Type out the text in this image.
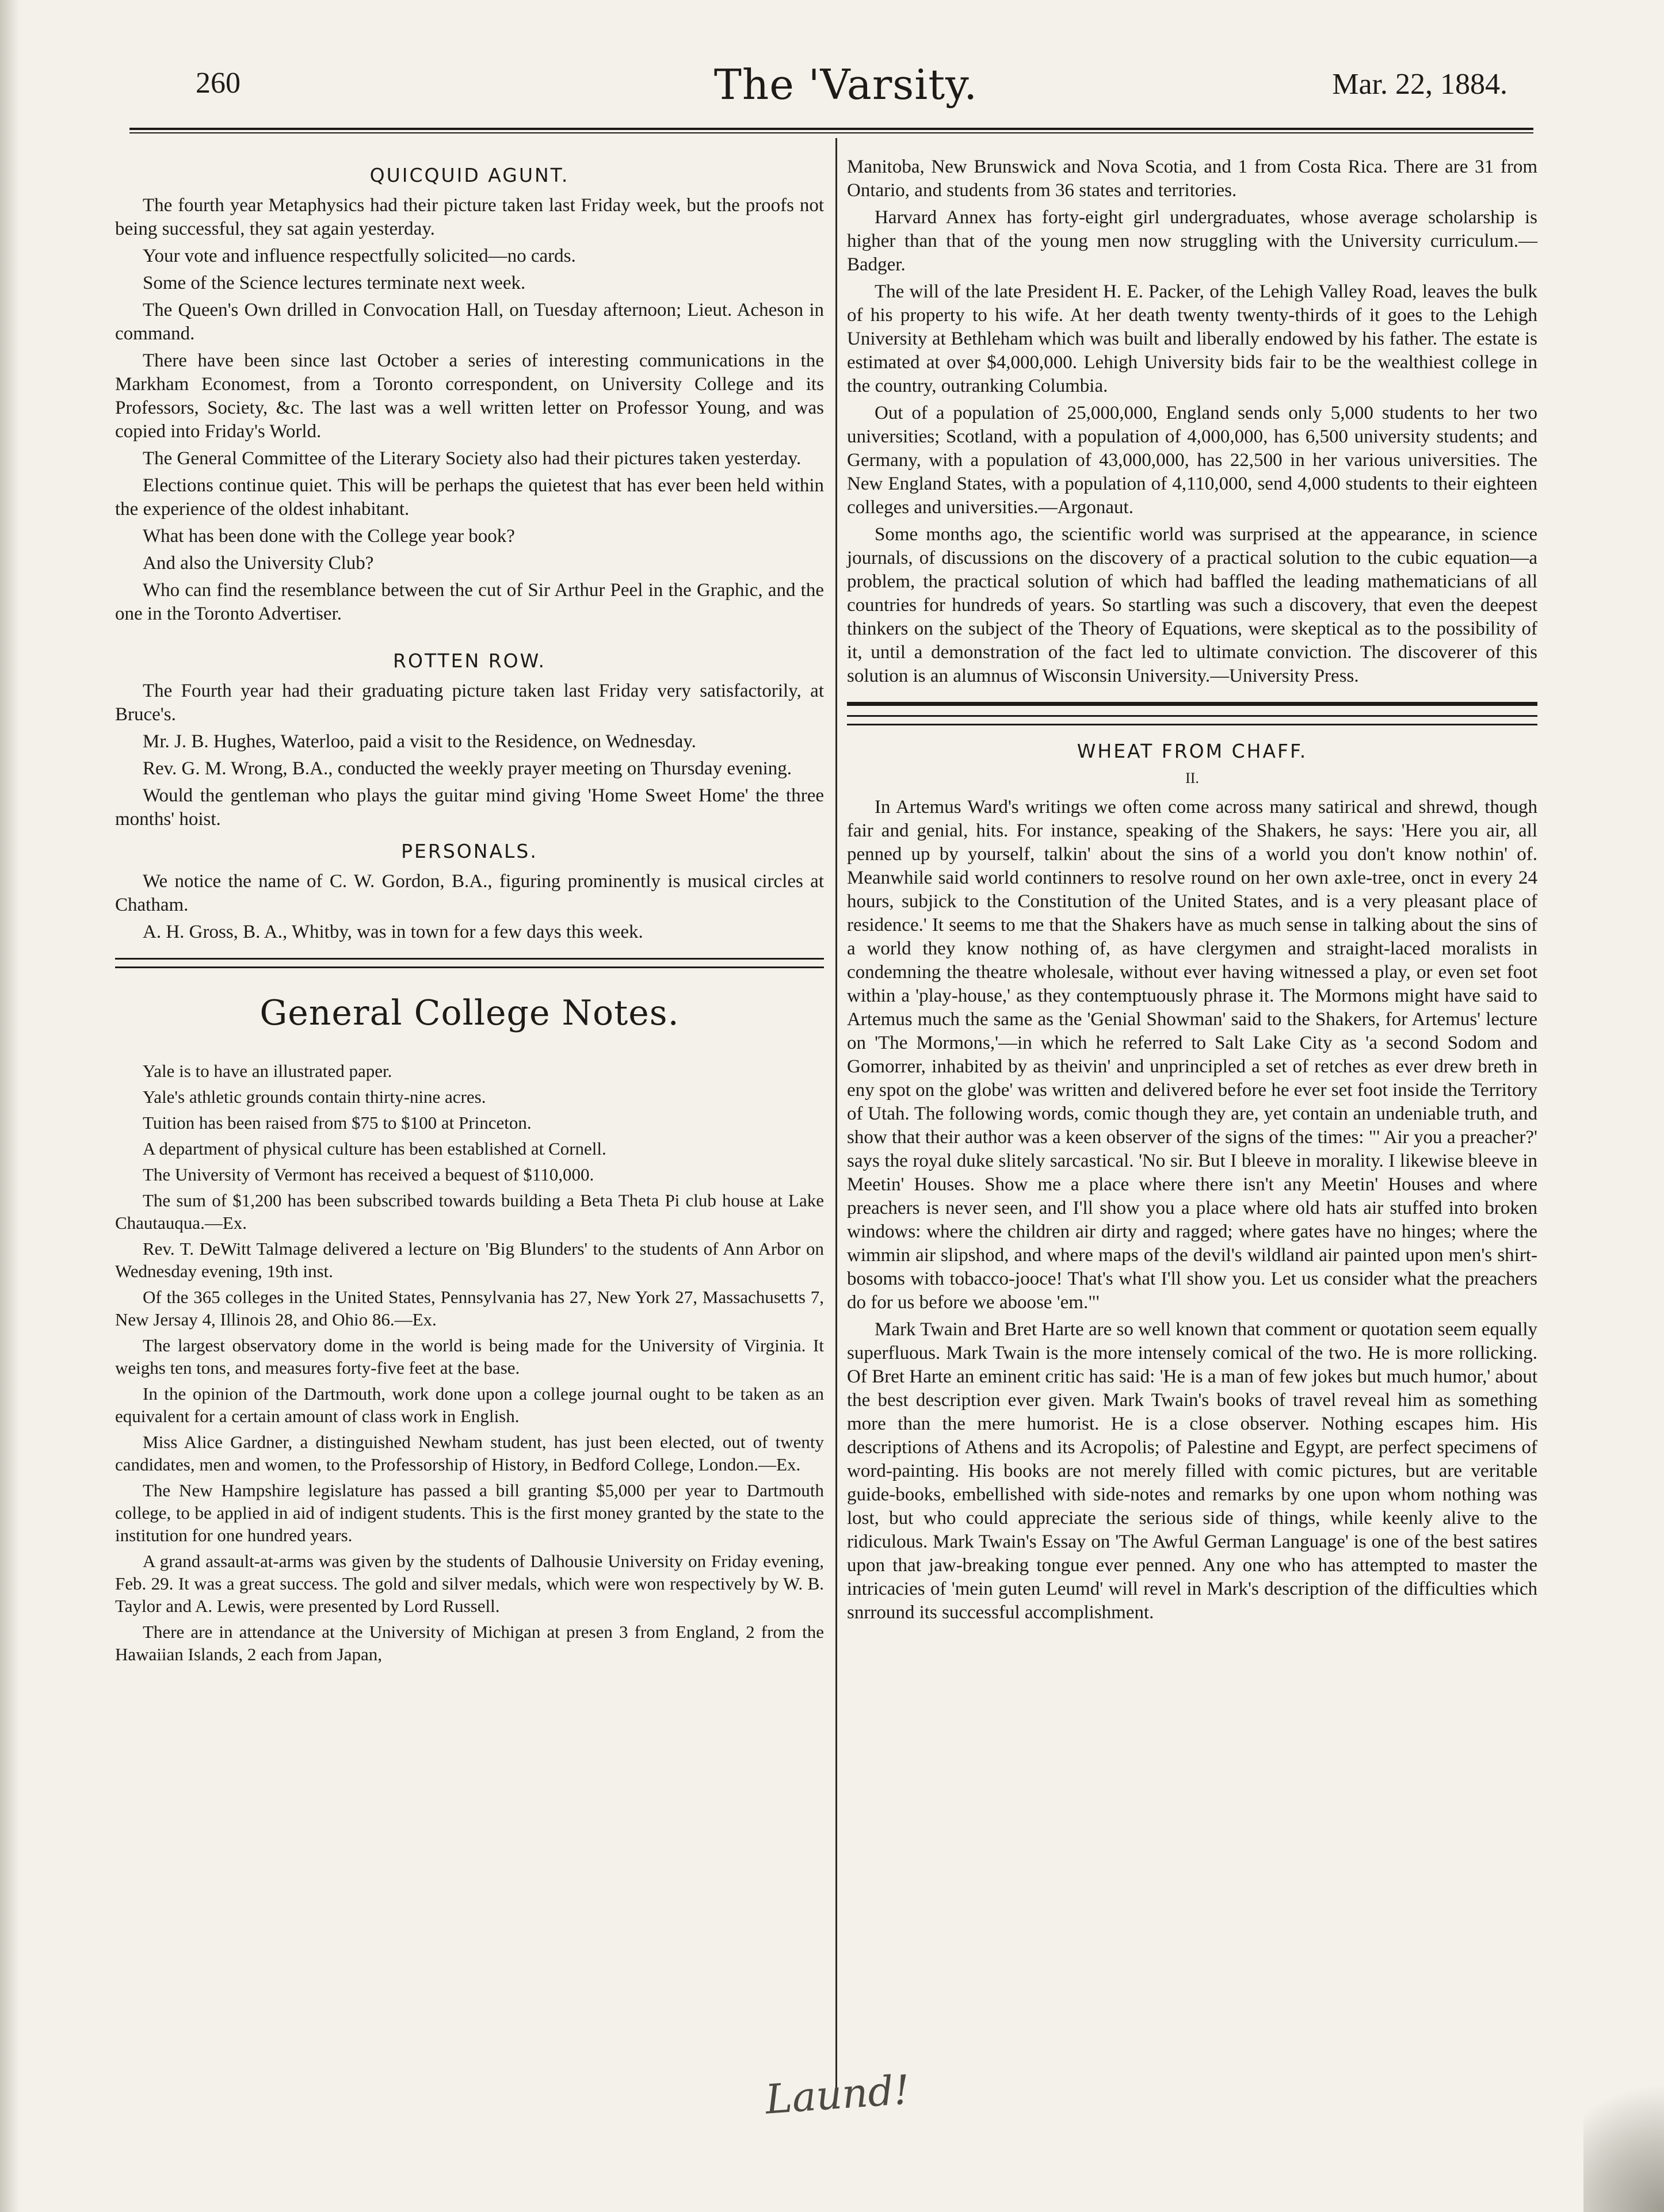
260	The 'Varsity.	Mar. 22, 1884.
QUICQUID AGUNT.

The fourth year Metaphysics had their picture taken last Friday week, but the proofs not being successful, they sat again yesterday.

Your vote and influence respectfully solicited—no cards.

Some of the Science lectures terminate next week.

The Queen's Own drilled in Convocation Hall, on Tuesday afternoon; Lieut. Acheson in command.

There have been since last October a series of interesting communications in the Markham Economest, from a Toronto correspondent, on University College and its Professors, Society, &c. The last was a well written letter on Professor Young, and was copied into Friday's World.

The General Committee of the Literary Society also had their pictures taken yesterday.

Elections continue quiet. This will be perhaps the quietest that has ever been held within the experience of the oldest inhabitant.

What has been done with the College year book?

And also the University Club?

Who can find the resemblance between the cut of Sir Arthur Peel in the Graphic, and the one in the Toronto Advertiser.

ROTTEN ROW.

The Fourth year had their graduating picture taken last Friday very satisfactorily, at Bruce's.

Mr. J. B. Hughes, Waterloo, paid a visit to the Residence, on Wednesday.

Rev. G. M. Wrong, B.A., conducted the weekly prayer meeting on Thursday evening.

Would the gentleman who plays the guitar mind giving 'Home Sweet Home' the three months' hoist.

PERSONALS.

We notice the name of C. W. Gordon, B.A., figuring prominently is musical circles at Chatham.

A. H. Gross, B. A., Whitby, was in town for a few days this week.

General College Notes.

Yale is to have an illustrated paper.

Yale's athletic grounds contain thirty-nine acres.

Tuition has been raised from $75 to $100 at Princeton.

A department of physical culture has been established at Cornell.

The University of Vermont has received a bequest of $110,000.

The sum of $1,200 has been subscribed towards building a Beta Theta Pi club house at Lake Chautauqua.—Ex.

Rev. T. DeWitt Talmage delivered a lecture on 'Big Blunders' to the students of Ann Arbor on Wednesday evening, 19th inst.

Of the 365 colleges in the United States, Pennsylvania has 27, New York 27, Massachusetts 7, New Jersay 4, Illinois 28, and Ohio 86.—Ex.

The largest observatory dome in the world is being made for the University of Virginia. It weighs ten tons, and measures forty-five feet at the base.

In the opinion of the Dartmouth, work done upon a college journal ought to be taken as an equivalent for a certain amount of class work in English.

Miss Alice Gardner, a distinguished Newham student, has just been elected, out of twenty candidates, men and women, to the Professorship of History, in Bedford College, London.—Ex.

The New Hampshire legislature has passed a bill granting $5,000 per year to Dartmouth college, to be applied in aid of indigent students. This is the first money granted by the state to the institution for one hundred years.

A grand assault-at-arms was given by the students of Dalhousie University on Friday evening, Feb. 29. It was a great success. The gold and silver medals, which were won respectively by W. B. Taylor and A. Lewis, were presented by Lord Russell.

There are in attendance at the University of Michigan at presen 3 from England, 2 from the Hawaiian Islands, 2 each from Japan,

Manitoba, New Brunswick and Nova Scotia, and 1 from Costa Rica. There are 31 from Ontario, and students from 36 states and territories.

Harvard Annex has forty-eight girl undergraduates, whose average scholarship is higher than that of the young men now struggling with the University curriculum.—Badger.

The will of the late President H. E. Packer, of the Lehigh Valley Road, leaves the bulk of his property to his wife. At her death twenty twenty-thirds of it goes to the Lehigh University at Bethleham which was built and liberally endowed by his father. The estate is estimated at over $4,000,000. Lehigh University bids fair to be the wealthiest college in the country, outranking Columbia.

Out of a population of 25,000,000, England sends only 5,000 students to her two universities; Scotland, with a population of 4,000,000, has 6,500 university students; and Germany, with a population of 43,000,000, has 22,500 in her various universities. The New England States, with a population of 4,110,000, send 4,000 students to their eighteen colleges and universities.—Argonaut.

Some months ago, the scientific world was surprised at the appearance, in science journals, of discussions on the discovery of a practical solution to the cubic equation—a problem, the practical solution of which had baffled the leading mathematicians of all countries for hundreds of years. So startling was such a discovery, that even the deepest thinkers on the subject of the Theory of Equations, were skeptical as to the possibility of it, until a demonstration of the fact led to ultimate conviction. The discoverer of this solution is an alumnus of Wisconsin University.—University Press.

WHEAT FROM CHAFF.
II.

In Artemus Ward's writings we often come across many satirical and shrewd, though fair and genial, hits. For instance, speaking of the Shakers, he says: 'Here you air, all penned up by yourself, talkin' about the sins of a world you don't know nothin' of. Meanwhile said world continners to resolve round on her own axle-tree, onct in every 24 hours, subjick to the Constitution of the United States, and is a very pleasant place of residence.' It seems to me that the Shakers have as much sense in talking about the sins of a world they know nothing of, as have clergymen and straight-laced moralists in condemning the theatre wholesale, without ever having witnessed a play, or even set foot within a 'play-house,' as they contemptuously phrase it. The Mormons might have said to Artemus much the same as the 'Genial Showman' said to the Shakers, for Artemus' lecture on 'The Mormons,'—in which he referred to Salt Lake City as 'a second Sodom and Gomorrer, inhabited by as theivin' and unprincipled a set of retches as ever drew breth in eny spot on the globe' was written and delivered before he ever set foot inside the Territory of Utah. The following words, comic though they are, yet contain an undeniable truth, and show that their author was a keen observer of the signs of the times: "' Air you a preacher?' says the royal duke slitely sarcastical. 'No sir. But I bleeve in morality. I likewise bleeve in Meetin' Houses. Show me a place where there isn't any Meetin' Houses and where preachers is never seen, and I'll show you a place where old hats air stuffed into broken windows: where the children air dirty and ragged; where gates have no hinges; where the wimmin air slipshod, and where maps of the devil's wildland air painted upon men's shirt-bosoms with tobacco-jooce! That's what I'll show you. Let us consider what the preachers do for us before we aboose 'em."'

Mark Twain and Bret Harte are so well known that comment or quotation seem equally superfluous. Mark Twain is the more intensely comical of the two. He is more rollicking. Of Bret Harte an eminent critic has said: 'He is a man of few jokes but much humor,' about the best description ever given. Mark Twain's books of travel reveal him as something more than the mere humorist. He is a close observer. Nothing escapes him. His descriptions of Athens and its Acropolis; of Palestine and Egypt, are perfect specimens of word-painting. His books are not merely filled with comic pictures, but are veritable guide-books, embellished with side-notes and remarks by one upon whom nothing was lost, but who could appreciate the serious side of things, while keenly alive to the ridiculous. Mark Twain's Essay on 'The Awful German Language' is one of the best satires upon that jaw-breaking tongue ever penned. Any one who has attempted to master the intricacies of 'mein guten Leumd' will revel in Mark's description of the difficulties which snrround its successful accomplishment.

Laund!
